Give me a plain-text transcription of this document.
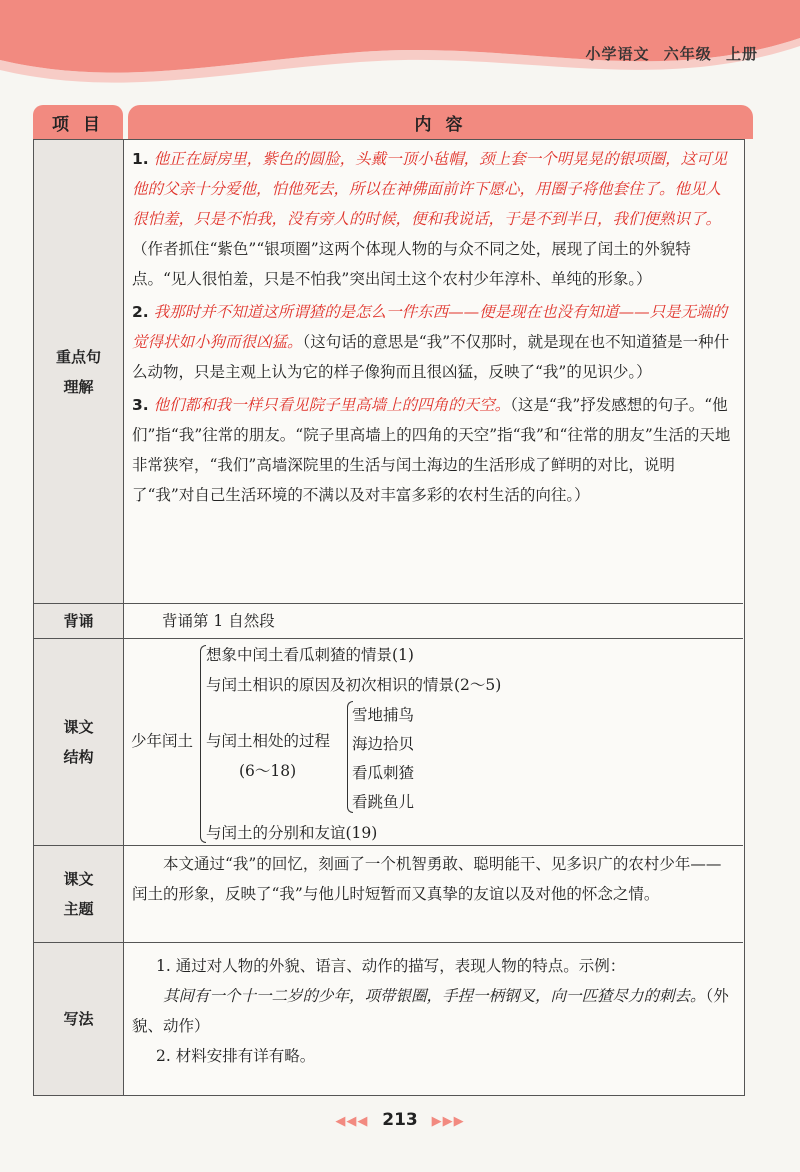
小学语文 六年级 上册
项 目	内 容
重点句理解

1. 他正在厨房里，紫色的圆脸，头戴一顶小毡帽，颈上套一个明晃晃的银项圈，这可见他的父亲十分爱他，怕他死去，所以在神佛面前许下愿心，用圈子将他套住了。他见人很怕羞，只是不怕我，没有旁人的时候，便和我说话，于是不到半日，我们便熟识了。（作者抓住“紫色”“银项圈”这两个体现人物的与众不同之处，展现了闰土的外貌特点。“见人很怕羞，只是不怕我”突出闰土这个农村少年淳朴、单纯的形象。）

2. 我那时并不知道这所谓猹的是怎么一件东西——便是现在也没有知道——只是无端的觉得状如小狗而很凶猛。（这句话的意思是“我”不仅那时，就是现在也不知道猹是一种什么动物，只是主观上认为它的样子像狗而且很凶猛，反映了“我”的见识少。）

3. 他们都和我一样只看见院子里高墙上的四角的天空。（这是“我”抒发感想的句子。“他们”指“我”往常的朋友。“院子里高墙上的四角的天空”指“我”和“往常的朋友”生活的天地非常狭窄，“我们”高墙深院里的生活与闰土海边的生活形成了鲜明的对比，说明了“我”对自己生活环境的不满以及对丰富多彩的农村生活的向往。）

背诵	背诵第 1 自然段

课文结构
少年闰土
想象中闰土看瓜刺猹的情景(1)
与闰土相识的原因及初次相识的情景(2～5)
与闰土相处的过程
(6～18)
雪地捕鸟
海边拾贝
看瓜刺猹
看跳鱼儿
与闰土的分别和友谊(19)
课文主题

本文通过“我”的回忆，刻画了一个机智勇敢、聪明能干、见多识广的农村少年——闰土的形象，反映了“我”与他儿时短暂而又真挚的友谊以及对他的怀念之情。

写法

1. 通过对人物的外貌、语言、动作的描写，表现人物的特点。示例：

其间有一个十一二岁的少年，项带银圈，手捏一柄钢叉，向一匹猹尽力的刺去。（外貌、动作）

2. 材料安排有详有略。

◀◀◀ 213 ▶▶▶
